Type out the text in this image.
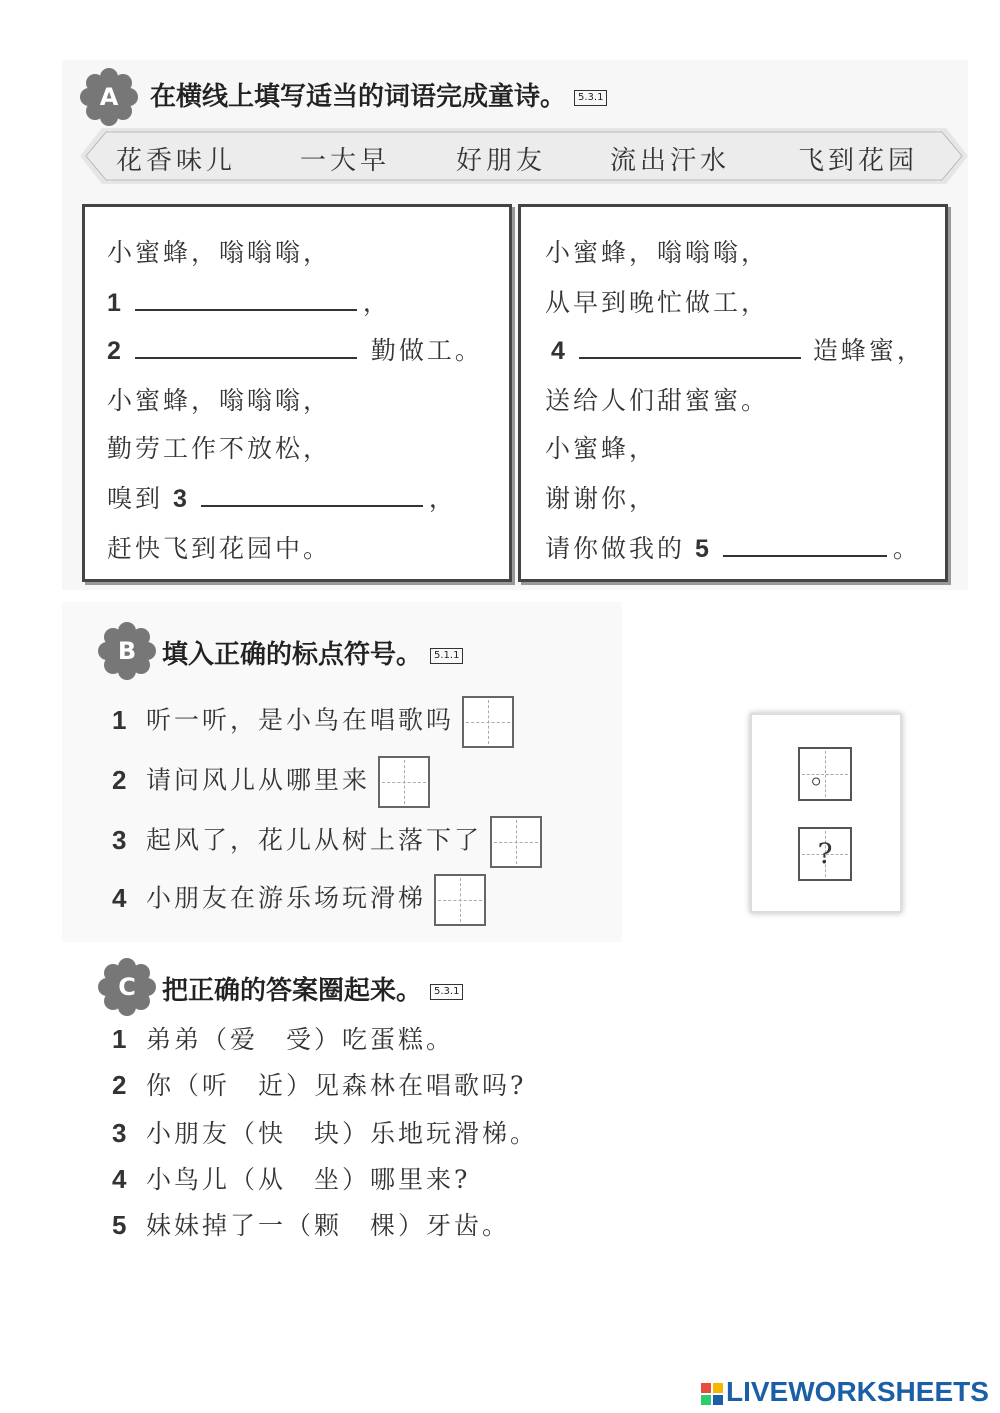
A	在横线上填写适当的词语完成童诗。 5.3.1
花香味儿 一大早	好朋友 流出汗水	飞到花园
小蜜蜂，嗡嗡嗡，
1	，
2	勤做工。
小蜜蜂，嗡嗡嗡，
勤劳工作不放松，
嗅到 3	，
赶快飞到花园中。
小蜜蜂，嗡嗡嗡，
从早到晚忙做工，
4	造蜂蜜，
送给人们甜蜜蜜。
小蜜蜂，
谢谢你，
请你做我的 5	。
B 填入正确的标点符号。 5.1.1
1 听一听，是小鸟在唱歌吗
2 请问风儿从哪里来
3 起风了，花儿从树上落下了
4 小朋友在游乐场玩滑梯
。
?
C	把正确的答案圈起来。 5.3.1
1 弟弟（爱　受）吃蛋糕。
2 你（听　近）见森林在唱歌吗?
3 小朋友（快　块）乐地玩滑梯。
4 小鸟儿（从　坐）哪里来?
5 妹妹掉了一（颗　棵）牙齿。
LIVEWORKSHEETS
